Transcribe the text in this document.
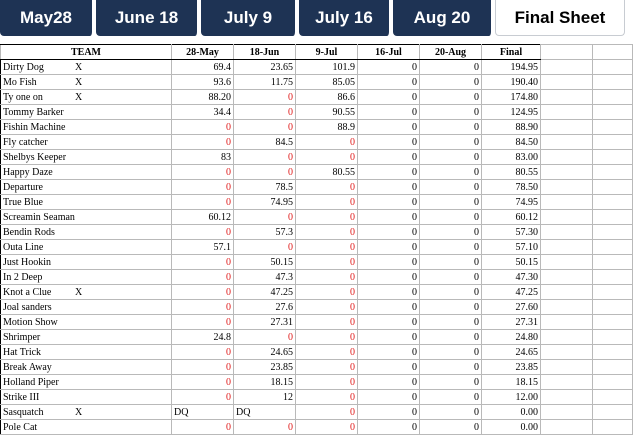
May28	June 18	July 9	July 16	Aug 20	Final Sheet
TEAM	28-May	18-Jun	9-Jul	16-Jul	20-Aug	Final		
Dirty Dog X	69.4	23.65	101.9	0	0	194.95		
Mo Fish X	93.6	11.75	85.05	0	0	190.40		
Ty one on X	88.20	0	86.6	0	0	174.80		
Tommy Barker	34.4	0	90.55	0	0	124.95		
Fishin Machine	0	0	88.9	0	0	88.90		
Fly catcher	0	84.5	0	0	0	84.50		
Shelbys Keeper	83	0	0	0	0	83.00		
Happy Daze	0	0	80.55	0	0	80.55		
Departure	0	78.5	0	0	0	78.50		
True Blue	0	74.95	0	0	0	74.95		
Screamin Seaman	60.12	0	0	0	0	60.12		
Bendin Rods	0	57.3	0	0	0	57.30		
Outa Line	57.1	0	0	0	0	57.10		
Just Hookin	0	50.15	0	0	0	50.15		
In 2 Deep	0	47.3	0	0	0	47.30		
Knot a Clue X	0	47.25	0	0	0	47.25		
Joal sanders	0	27.6	0	0	0	27.60		
Motion Show	0	27.31	0	0	0	27.31		
Shrimper	24.8	0	0	0	0	24.80		
Hat Trick	0	24.65	0	0	0	24.65		
Break Away	0	23.85	0	0	0	23.85		
Holland Piper	0	18.15	0	0	0	18.15		
Strike III	0	12	0	0	0	12.00		
Sasquatch X	DQ	DQ	0	0	0	0.00		
Pole Cat	0	0	0	0	0	0.00		
